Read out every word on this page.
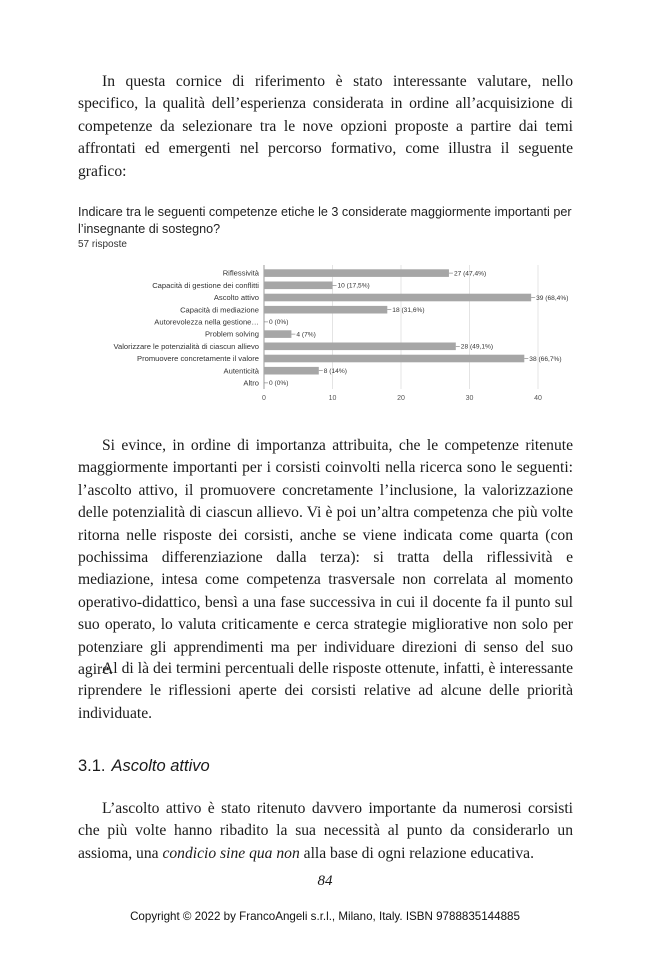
In questa cornice di riferimento è stato interessante valutare, nello specifico, la qualità dell’esperienza considerata in ordine all’acquisizione di competenze da selezionare tra le nove opzioni proposte a partire dai temi affrontati ed emergenti nel percorso formativo, come illustra il seguente grafico:

Indicare tra le seguenti competenze etiche le 3 considerate maggiormente importanti per l’insegnante di sostegno?

57 risposte

0	10	20	30	40
Riflessività	27 (47,4%)
Capacità di gestione dei conflitti	10 (17,5%)
Ascolto attivo	39 (68,4%)
Capacità di mediazione	18 (31,6%)
Autorevolezza nella gestione… 0 (0%)
Problem solving	4 (7%)
Valorizzare le potenzialità di ciascun allievo	28 (49,1%)
Promuovere concretamente il valore	38 (66,7%)
Autenticità	8 (14%)
Altro 0 (0%)

Si evince, in ordine di importanza attribuita, che le competenze ritenute maggiormente importanti per i corsisti coinvolti nella ricerca sono le seguenti: l’ascolto attivo, il promuovere concretamente l’inclusione, la valorizzazione delle potenzialità di ciascun allievo. Vi è poi un’altra competenza che più volte ritorna nelle risposte dei corsisti, anche se viene indicata come quarta (con pochissima differenziazione dalla terza): si tratta della riflessività e mediazione, intesa come competenza trasversale non correlata al momento operativo-didattico, bensì a una fase successiva in cui il docente fa il punto sul suo operato, lo valuta criticamente e cerca strategie migliorative non solo per potenziare gli apprendimenti ma per individuare direzioni di senso del suo agire.

Al di là dei termini percentuali delle risposte ottenute, infatti, è interessante riprendere le riflessioni aperte dei corsisti relative ad alcune delle priorità individuate.

3.1. Ascolto attivo

L’ascolto attivo è stato ritenuto davvero importante da numerosi corsisti che più volte hanno ribadito la sua necessità al punto da considerarlo un assioma, una condicio sine qua non alla base di ogni relazione educativa.

84
Copyright © 2022 by FrancoAngeli s.r.l., Milano, Italy. ISBN 9788835144885
